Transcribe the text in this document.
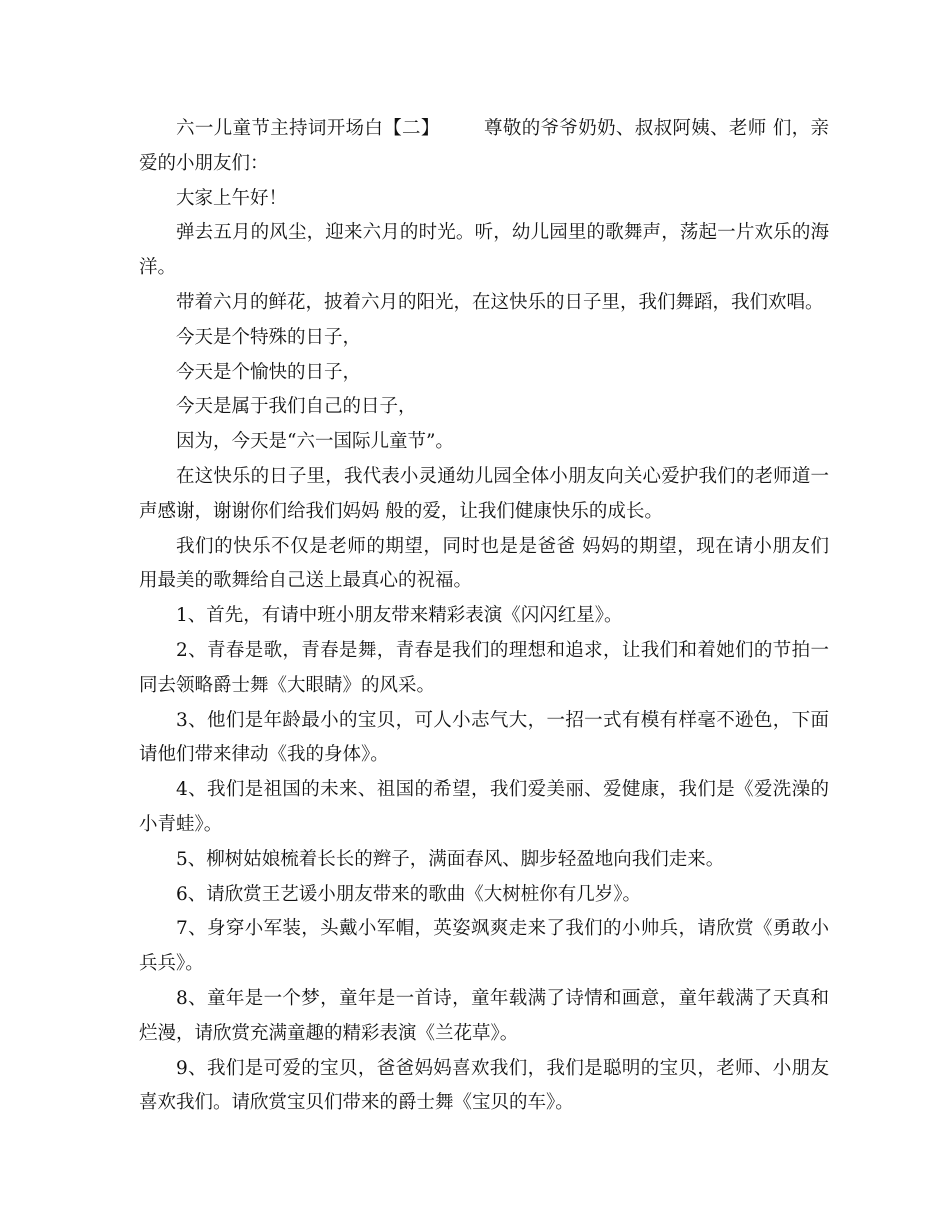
六一儿童节主持词开场白【二】 尊敬的爷爷奶奶、叔叔阿姨、老师 们，亲爱的小朋友们：

大家上午好！

弹去五月的风尘，迎来六月的时光。听，幼儿园里的歌舞声，荡起一片欢乐的海洋。

带着六月的鲜花，披着六月的阳光，在这快乐的日子里，我们舞蹈，我们欢唱。

今天是个特殊的日子，

今天是个愉快的日子，

今天是属于我们自己的日子，

因为，今天是“六一国际儿童节”。

在这快乐的日子里，我代表小灵通幼儿园全体小朋友向关心爱护我们的老师道一声感谢，谢谢你们给我们妈妈 般的爱，让我们健康快乐的成长。

我们的快乐不仅是老师的期望，同时也是是爸爸 妈妈的期望，现在请小朋友们用最美的歌舞给自己送上最真心的祝福。

1、首先，有请中班小朋友带来精彩表演《闪闪红星》。

2、青春是歌，青春是舞，青春是我们的理想和追求，让我们和着她们的节拍一同去领略爵士舞《大眼睛》的风采。

3、他们是年龄最小的宝贝，可人小志气大，一招一式有模有样毫不逊色，下面请他们带来律动《我的身体》。

4、我们是祖国的未来、祖国的希望，我们爱美丽、爱健康，我们是《爱洗澡的小青蛙》。

5、柳树姑娘梳着长长的辫子，满面春风、脚步轻盈地向我们走来。

6、请欣赏王艺谖小朋友带来的歌曲《大树桩你有几岁》。

7、身穿小军装，头戴小军帽，英姿飒爽走来了我们的小帅兵，请欣赏《勇敢小兵兵》。

8、童年是一个梦，童年是一首诗，童年载满了诗情和画意，童年载满了天真和烂漫，请欣赏充满童趣的精彩表演《兰花草》。

9、我们是可爱的宝贝，爸爸妈妈喜欢我们，我们是聪明的宝贝，老师、小朋友喜欢我们。请欣赏宝贝们带来的爵士舞《宝贝的车》。
